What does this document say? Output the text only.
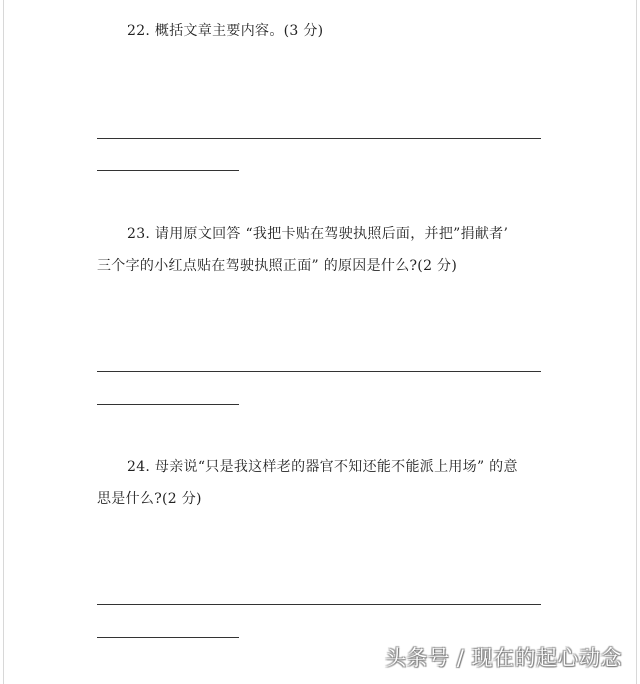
22. 概括文章主要内容。(3 分)
23. 请用原文回答 “我把卡贴在驾驶执照后面，并把”捐献者’
三个字的小红点贴在驾驶执照正面” 的原因是什么?(2 分)
24. 母亲说“只是我这样老的器官不知还能不能派上用场” 的意
思是什么?(2 分)
头条号 / 现在的起心动念
